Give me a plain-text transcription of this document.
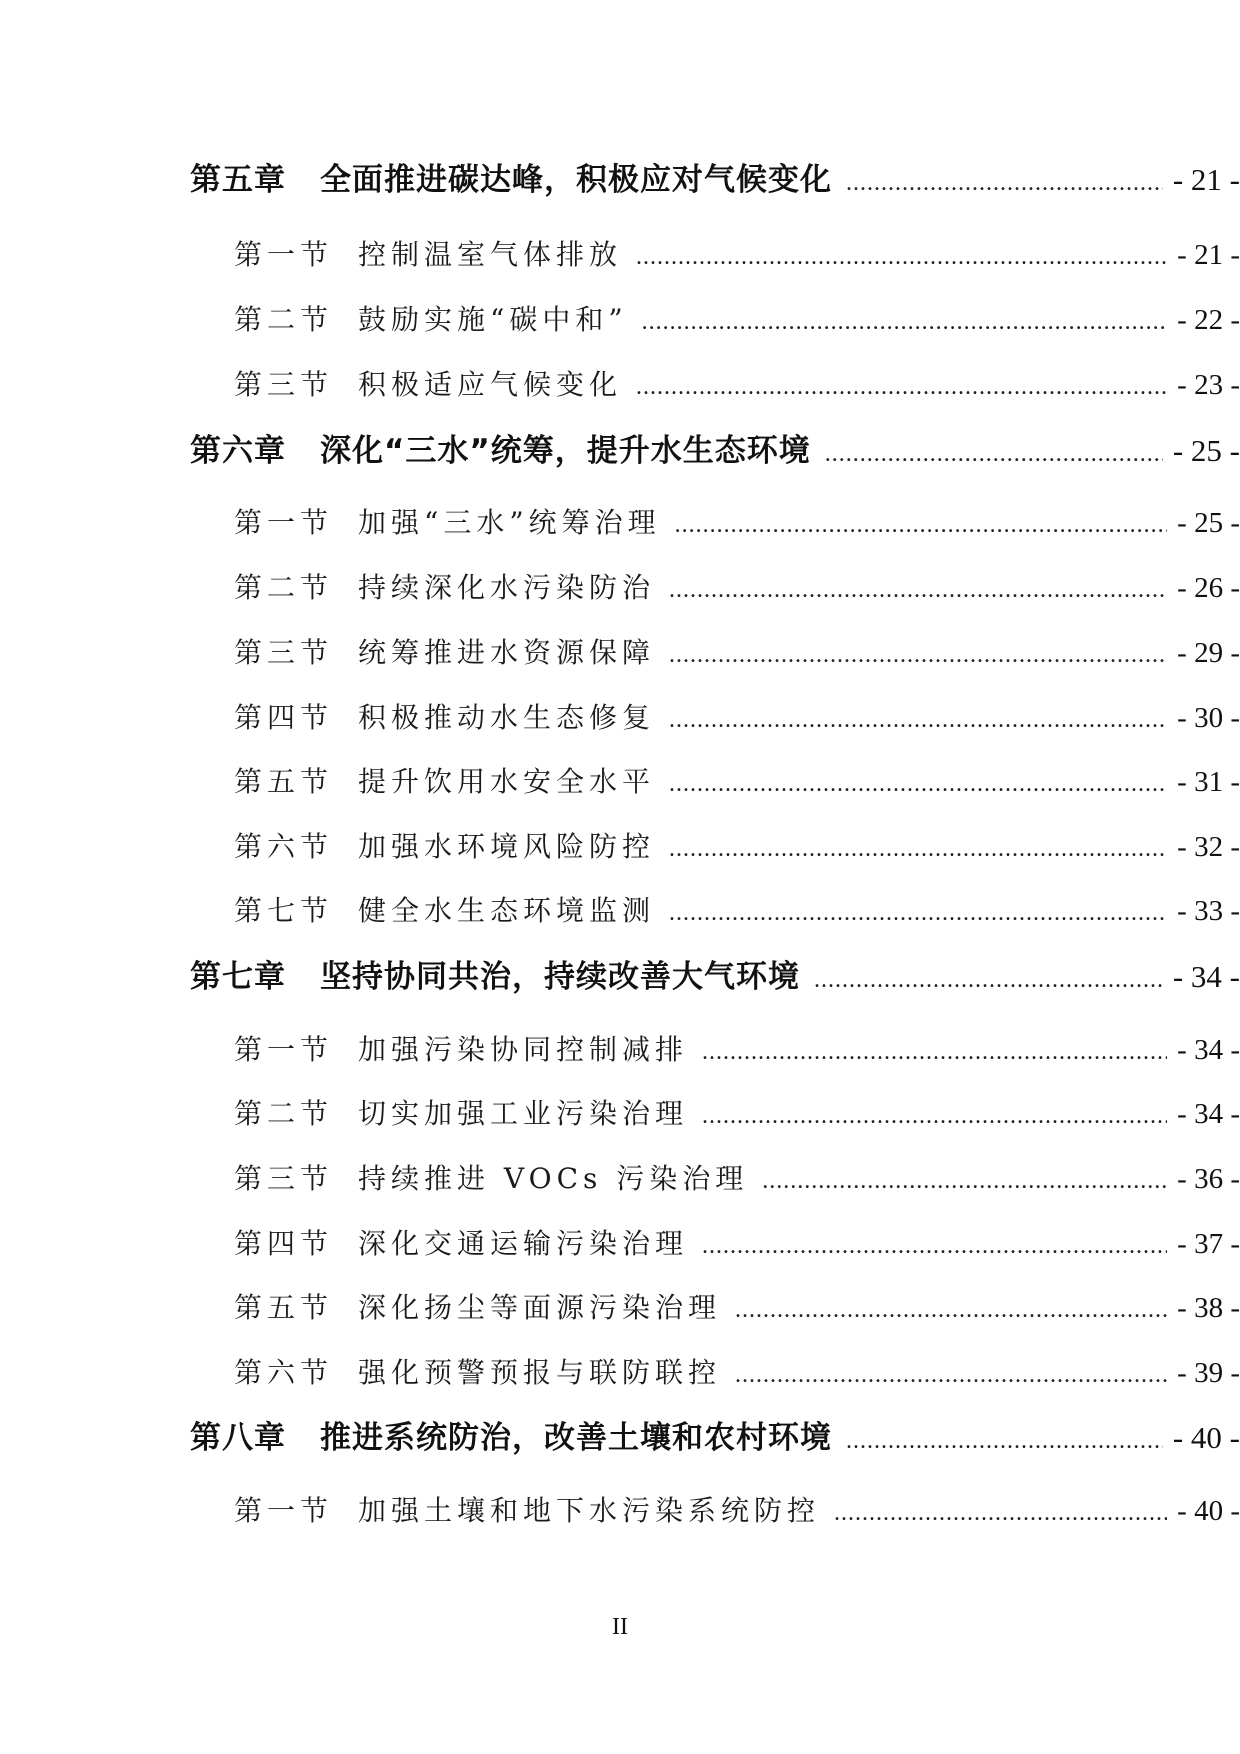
第五章	全面推进碳达峰，积极应对气候变化 .....	- 21 -
第一节 控制温室气体排放 .....	- 21 -
第二节 鼓励实施“碳中和” .....	- 22 -
第三节 积极适应气候变化 .....	- 23 -
第六章	深化“三水”统筹，提升水生态环境 .....	- 25 -
第一节 加强“三水”统筹治理 .....	- 25 -
第二节 持续深化水污染防治 .....	- 26 -
第三节 统筹推进水资源保障 .....	- 29 -
第四节 积极推动水生态修复 .....	- 30 -
第五节 提升饮用水安全水平 .....	- 31 -
第六节 加强水环境风险防控 .....	- 32 -
第七节 健全水生态环境监测 .....	- 33 -
第七章	坚持协同共治，持续改善大气环境 .....	- 34 -
第一节 加强污染协同控制减排 .....	- 34 -
第二节 切实加强工业污染治理 .....	- 34 -
第三节 持续推进 VOCs 污染治理 .....	- 36 -
第四节 深化交通运输污染治理 .....	- 37 -
第五节 深化扬尘等面源污染治理 .....	- 38 -
第六节 强化预警预报与联防联控 .....	- 39 -
第八章	推进系统防治，改善土壤和农村环境 .....	- 40 -
第一节 加强土壤和地下水污染系统防控 .....	- 40 -
II
